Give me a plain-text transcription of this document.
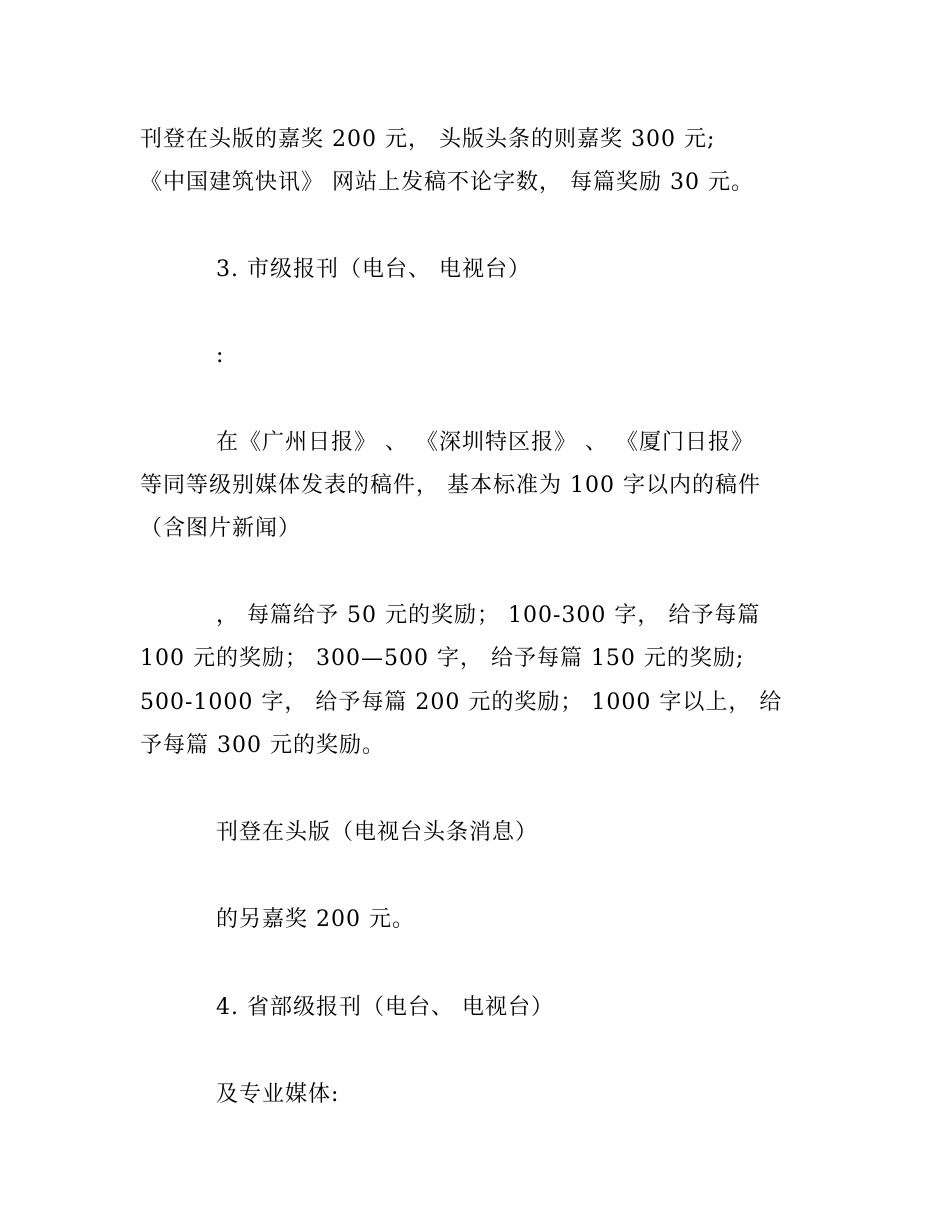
刊登在头版的嘉奖 200 元， 头版头条的则嘉奖 300 元;
《中国建筑快讯》 网站上发稿不论字数， 每篇奖励 30 元。
3. 市级报刊（电台、 电视台）
:
在《广州日报》 、 《深圳特区报》 、 《厦门日报》
等同等级别媒体发表的稿件， 基本标准为 100 字以内的稿件
（含图片新闻）
， 每篇给予 50 元的奖励； 100-300 字， 给予每篇
100 元的奖励； 300—500 字， 给予每篇 150 元的奖励;
500-1000 字， 给予每篇 200 元的奖励； 1000 字以上， 给
予每篇 300 元的奖励。
刊登在头版（电视台头条消息）
的另嘉奖 200 元。
4. 省部级报刊（电台、 电视台）
及专业媒体:
